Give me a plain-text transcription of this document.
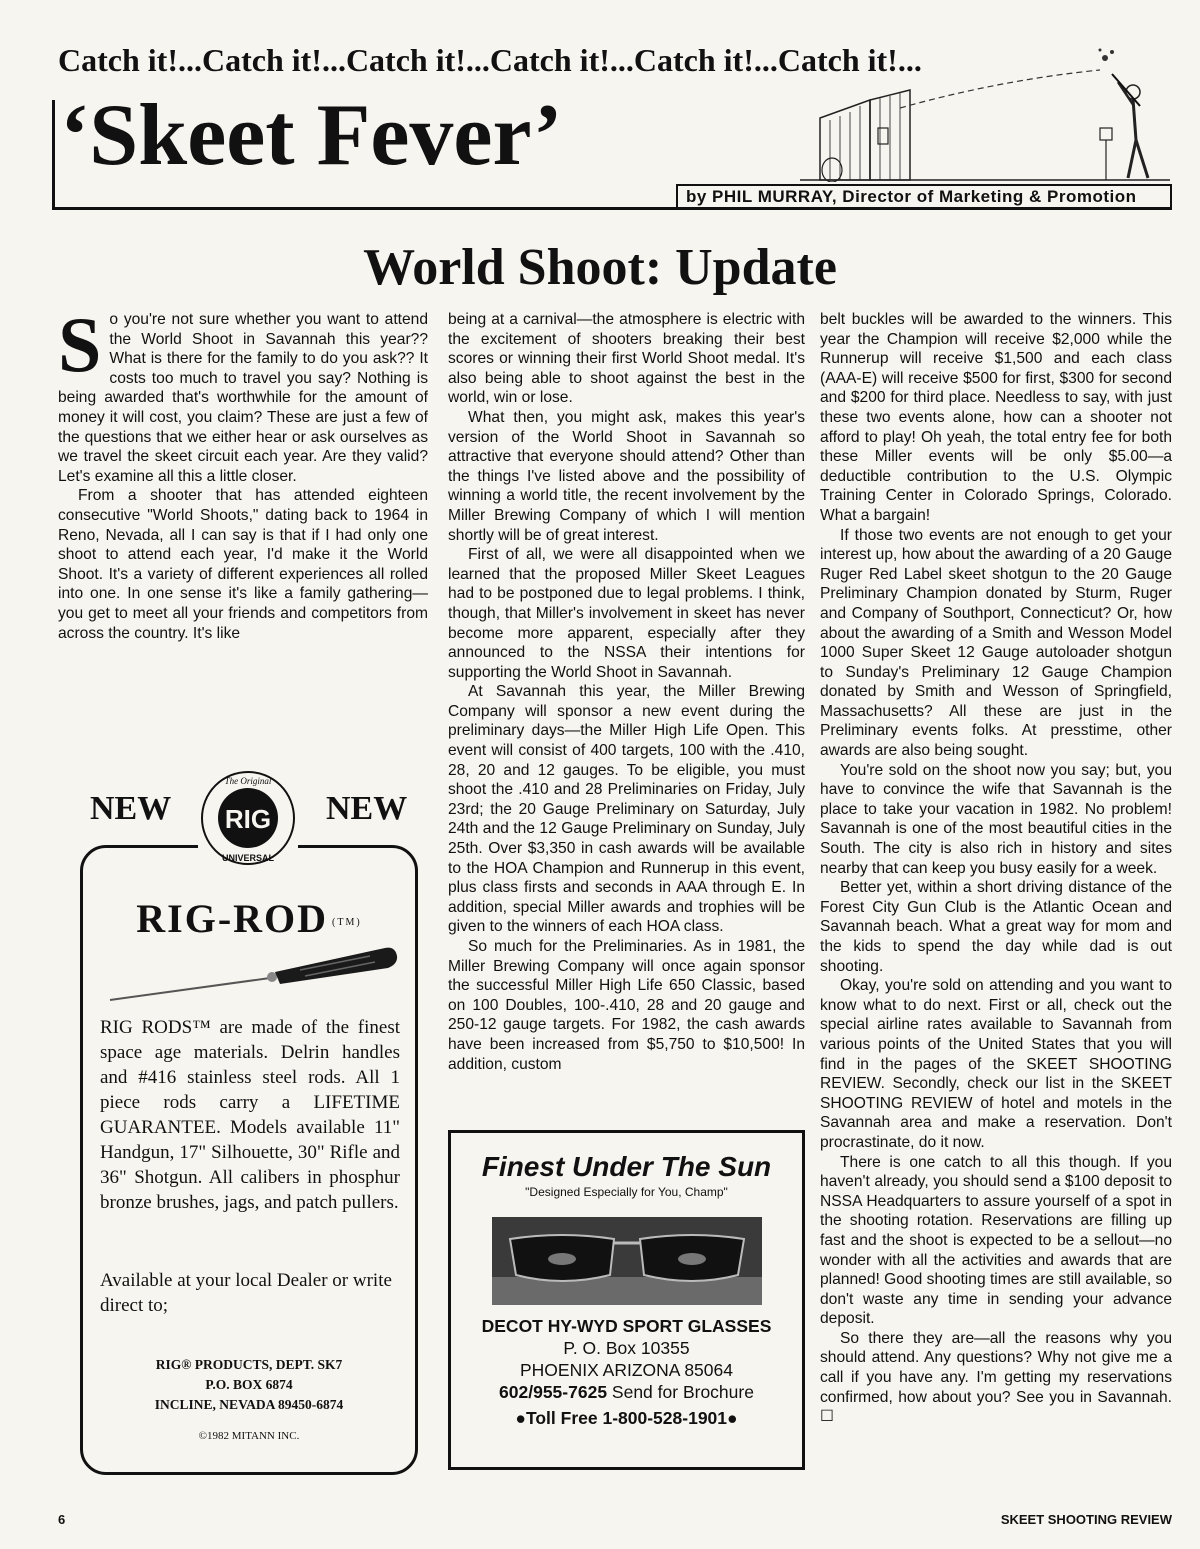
Catch it!...Catch it!...Catch it!...Catch it!...Catch it!...Catch it!...
‘Skeet Fever’
by PHIL MURRAY, Director of Marketing & Promotion
World Shoot: Update

So you're not sure whether you want to attend the World Shoot in Savannah this year?? What is there for the family to do you ask?? It costs too much to travel you say? Nothing is being awarded that's worthwhile for the amount of money it will cost, you claim? These are just a few of the questions that we either hear or ask ourselves as we travel the skeet circuit each year. Are they valid? Let's examine all this a little closer.

From a shooter that has attended eighteen consecutive "World Shoots," dating back to 1964 in Reno, Nevada, all I can say is that if I had only one shoot to attend each year, I'd make it the World Shoot. It's a variety of different experiences all rolled into one. In one sense it's like a family gathering—you get to meet all your friends and competitors from across the country. It's like

being at a carnival—the atmosphere is electric with the excitement of shooters breaking their best scores or winning their first World Shoot medal. It's also being able to shoot against the best in the world, win or lose.

What then, you might ask, makes this year's version of the World Shoot in Savannah so attractive that everyone should attend? Other than the things I've listed above and the possibility of winning a world title, the recent involvement by the Miller Brewing Company of which I will mention shortly will be of great interest.

First of all, we were all disappointed when we learned that the proposed Miller Skeet Leagues had to be postponed due to legal problems. I think, though, that Miller's involvement in skeet has never become more apparent, especially after they announced to the NSSA their intentions for supporting the World Shoot in Savannah.

At Savannah this year, the Miller Brewing Company will sponsor a new event during the preliminary days—the Miller High Life Open. This event will consist of 400 targets, 100 with the .410, 28, 20 and 12 gauges. To be eligible, you must shoot the .410 and 28 Preliminaries on Friday, July 23rd; the 20 Gauge Preliminary on Saturday, July 24th and the 12 Gauge Preliminary on Sunday, July 25th. Over $3,350 in cash awards will be available to the HOA Champion and Runnerup in this event, plus class firsts and seconds in AAA through E. In addition, special Miller awards and trophies will be given to the winners of each HOA class.

So much for the Preliminaries. As in 1981, the Miller Brewing Company will once again sponsor the successful Miller High Life 650 Classic, based on 100 Doubles, 100-.410, 28 and 20 gauge and 250-12 gauge targets. For 1982, the cash awards have been increased from $5,750 to $10,500! In addition, custom

belt buckles will be awarded to the winners. This year the Champion will receive $2,000 while the Runnerup will receive $1,500 and each class (AAA-E) will receive $500 for first, $300 for second and $200 for third place. Needless to say, with just these two events alone, how can a shooter not afford to play! Oh yeah, the total entry fee for both these Miller events will be only $5.00—a deductible contribution to the U.S. Olympic Training Center in Colorado Springs, Colorado. What a bargain!

If those two events are not enough to get your interest up, how about the awarding of a 20 Gauge Ruger Red Label skeet shotgun to the 20 Gauge Preliminary Champion donated by Sturm, Ruger and Company of Southport, Connecticut? Or, how about the awarding of a Smith and Wesson Model 1000 Super Skeet 12 Gauge autoloader shotgun to Sunday's Preliminary 12 Gauge Champion donated by Smith and Wesson of Springfield, Massachusetts? All these are just in the Preliminary events folks. At presstime, other awards are also being sought.

You're sold on the shoot now you say; but, you have to convince the wife that Savannah is the place to take your vacation in 1982. No problem! Savannah is one of the most beautiful cities in the South. The city is also rich in history and sites nearby that can keep you busy easily for a week.

Better yet, within a short driving distance of the Forest City Gun Club is the Atlantic Ocean and Savannah beach. What a great way for mom and the kids to spend the day while dad is out shooting.

Okay, you're sold on attending and you want to know what to do next. First or all, check out the special airline rates available to Savannah from various points of the United States that you will find in the pages of the SKEET SHOOTING REVIEW. Secondly, check our list in the SKEET SHOOTING REVIEW of hotel and motels in the Savannah area and make a reservation. Don't procrastinate, do it now.

There is one catch to all this though. If you haven't already, you should send a $100 deposit to NSSA Headquarters to assure yourself of a spot in the shooting rotation. Reservations are filling up fast and the shoot is expected to be a sellout—no wonder with all the activities and awards that are planned! Good shooting times are still available, so don't waste any time in sending your advance deposit.

So there they are—all the reasons why you should attend. Any questions? Why not give me a call if you have any. I'm getting my reservations confirmed, how about you? See you in Savannah. ☐

NEW	NEW
RIG
The Original
UNIVERSAL
RIG-ROD (TM)
RIG RODS™ are made of the finest space age materials. Delrin handles and #416 stainless steel rods. All 1 piece rods carry a LIFETIME GUARANTEE. Models available 11" Handgun, 17" Silhouette, 30" Rifle and 36" Shotgun. All calibers in phosphur bronze brushes, jags, and patch pullers.
Available at your local Dealer or write direct to;
RIG® PRODUCTS, DEPT. SK7
P.O. BOX 6874
INCLINE, NEVADA 89450-6874
©1982 MITANN INC.
Finest Under The Sun
"Designed Especially for You, Champ"
DECOT HY-WYD SPORT GLASSES
P. O. Box 10355
PHOENIX ARIZONA 85064
602/955-7625 Send for Brochure
●Toll Free 1-800-528-1901●
6	SKEET SHOOTING REVIEW
